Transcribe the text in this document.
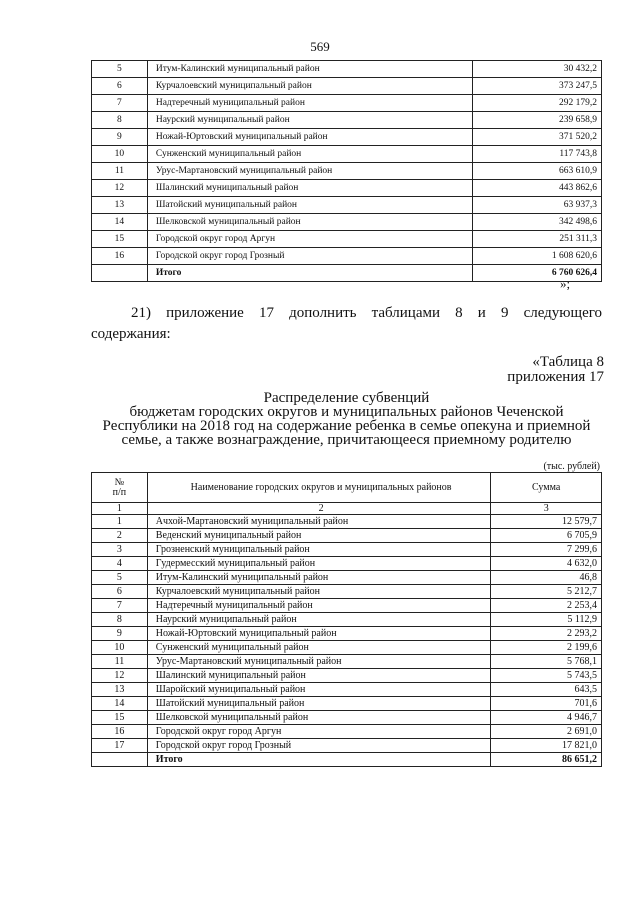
569
5	Итум-Калинский муниципальный район	30 432,2
6	Курчалоевский муниципальный район	373 247,5
7	Надтеречный муниципальный район	292 179,2
8	Наурский муниципальный район	239 658,9
9	Ножай-Юртовский муниципальный район	371 520,2
10	Сунженский муниципальный район	117 743,8
11	Урус-Мартановский муниципальный район	663 610,9
12	Шалинский муниципальный район	443 862,6
13	Шатойский муниципальный район	63 937,3
14	Шелковской муниципальный район	342 498,6
15	Городской округ город Аргун	251 311,3
16	Городской округ город Грозный	1 608 620,6
	Итого	6 760 626,4
»;
21) приложение 17 дополнить таблицами 8 и 9 следующего
содержания:
«Таблица 8
приложения 17
Распределение субвенций
бюджетам городских округов и муниципальных районов Чеченской
Республики на 2018 год на содержание ребенка в семье опекуна и приемной
семье, а также вознаграждение, причитающееся приемному родителю
(тыс. рублей)
№
п/п	Наименование городских округов и муниципальных районов	Сумма
1	2	3
1	Ачхой-Мартановский муниципальный район	12 579,7
2	Веденский муниципальный район	6 705,9
3	Грозненский муниципальный район	7 299,6
4	Гудермесский муниципальный район	4 632,0
5	Итум-Калинский муниципальный район	46,8
6	Курчалоевский муниципальный район	5 212,7
7	Надтеречный муниципальный район	2 253,4
8	Наурский муниципальный район	5 112,9
9	Ножай-Юртовский муниципальный район	2 293,2
10	Сунженский муниципальный район	2 199,6
11	Урус-Мартановский муниципальный район	5 768,1
12	Шалинский муниципальный район	5 743,5
13	Шаройский муниципальный район	643,5
14	Шатойский муниципальный район	701,6
15	Шелковской муниципальный район	4 946,7
16	Городской округ город Аргун	2 691,0
17	Городской округ город Грозный	17 821,0
	Итого	86 651,2
